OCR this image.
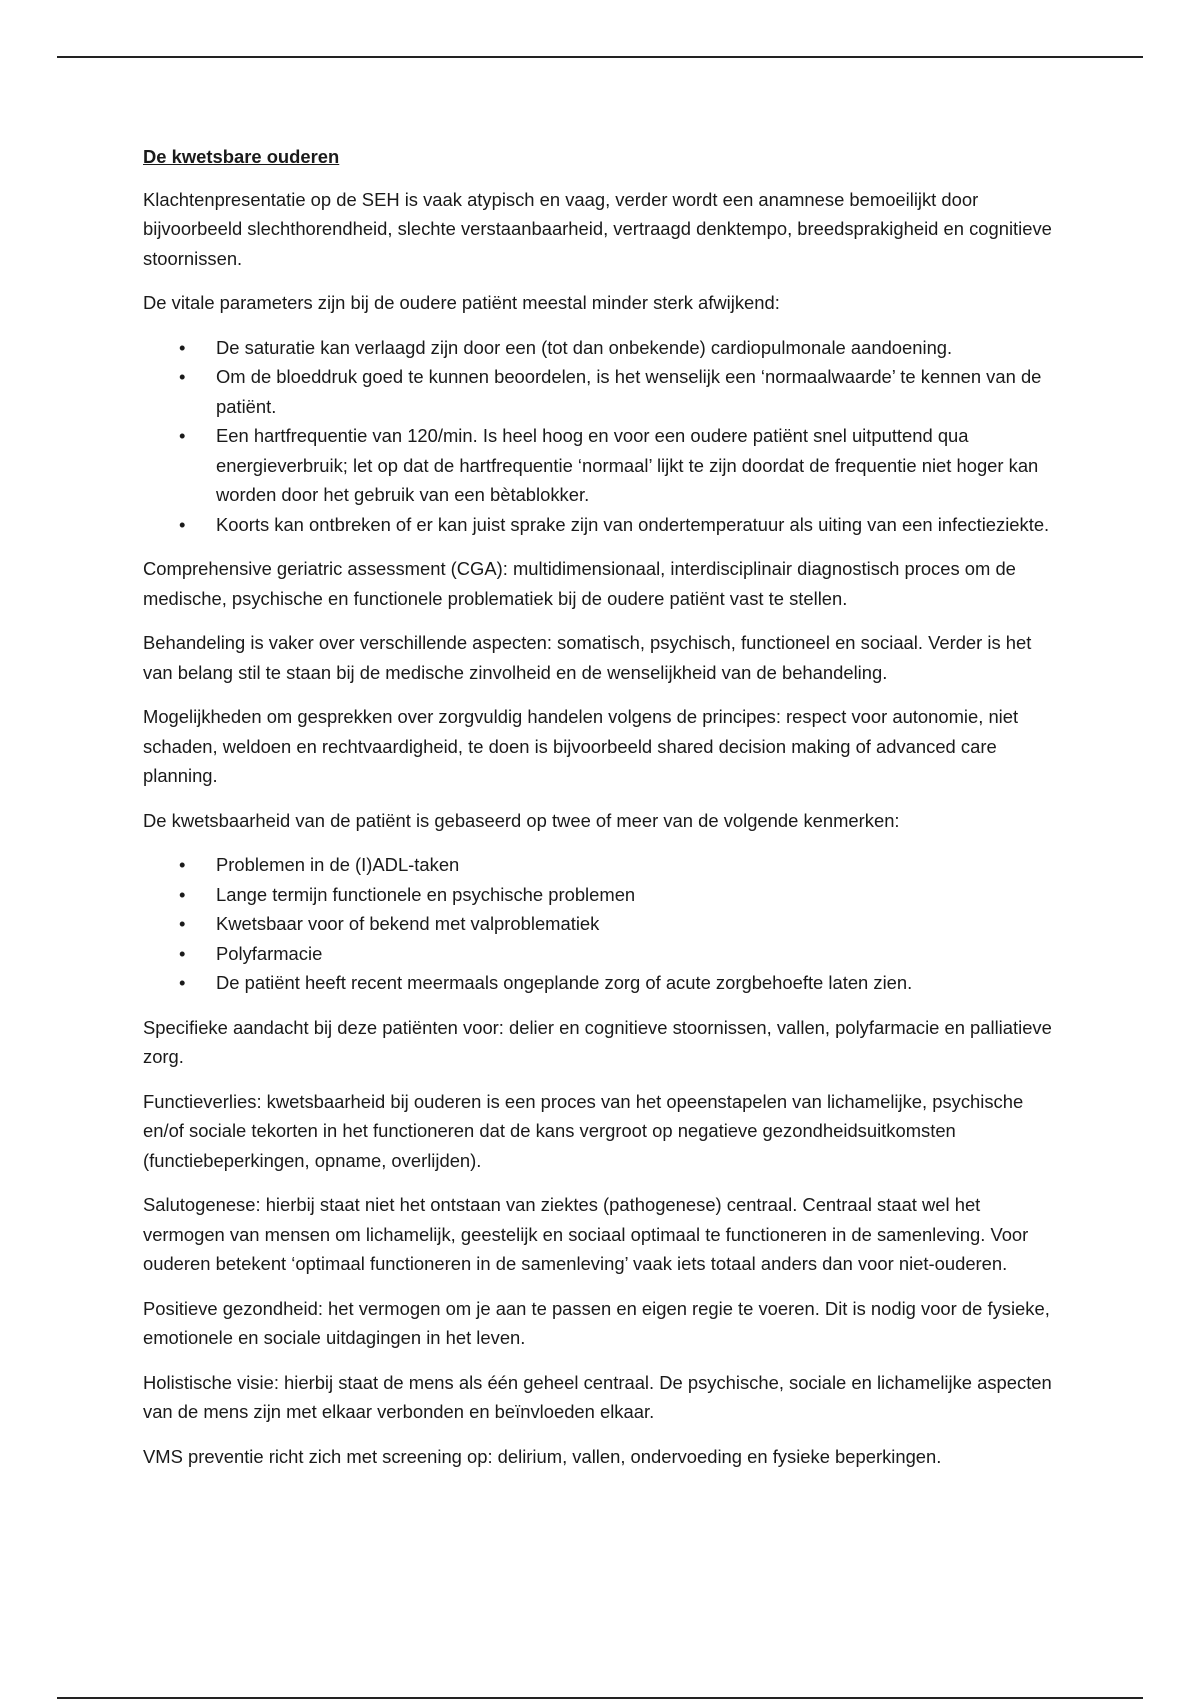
De kwetsbare ouderen

Klachtenpresentatie op de SEH is vaak atypisch en vaag, verder wordt een anamnese bemoeilijkt door bijvoorbeeld slechthorendheid, slechte verstaanbaarheid, vertraagd denktempo, breedsprakigheid en cognitieve stoornissen.

De vitale parameters zijn bij de oudere patiënt meestal minder sterk afwijkend:

• De saturatie kan verlaagd zijn door een (tot dan onbekende) cardiopulmonale aandoening.
• Om de bloeddruk goed te kunnen beoordelen, is het wenselijk een ‘normaalwaarde’ te kennen van de patiënt.
• Een hartfrequentie van 120/min. Is heel hoog en voor een oudere patiënt snel uitputtend qua energieverbruik; let op dat de hartfrequentie ‘normaal’ lijkt te zijn doordat de frequentie niet hoger kan worden door het gebruik van een bètablokker.
• Koorts kan ontbreken of er kan juist sprake zijn van ondertemperatuur als uiting van een infectieziekte.

Comprehensive geriatric assessment (CGA): multidimensionaal, interdisciplinair diagnostisch proces om de medische, psychische en functionele problematiek bij de oudere patiënt vast te stellen.

Behandeling is vaker over verschillende aspecten: somatisch, psychisch, functioneel en sociaal. Verder is het van belang stil te staan bij de medische zinvolheid en de wenselijkheid van de behandeling.

Mogelijkheden om gesprekken over zorgvuldig handelen volgens de principes: respect voor autonomie, niet schaden, weldoen en rechtvaardigheid, te doen is bijvoorbeeld shared decision making of advanced care planning.

De kwetsbaarheid van de patiënt is gebaseerd op twee of meer van de volgende kenmerken:

• Problemen in de (I)ADL-taken
• Lange termijn functionele en psychische problemen
• Kwetsbaar voor of bekend met valproblematiek
• Polyfarmacie
• De patiënt heeft recent meermaals ongeplande zorg of acute zorgbehoefte laten zien.

Specifieke aandacht bij deze patiënten voor: delier en cognitieve stoornissen, vallen, polyfarmacie en palliatieve zorg.

Functieverlies: kwetsbaarheid bij ouderen is een proces van het opeenstapelen van lichamelijke, psychische en/of sociale tekorten in het functioneren dat de kans vergroot op negatieve gezondheidsuitkomsten (functiebeperkingen, opname, overlijden).

Salutogenese: hierbij staat niet het ontstaan van ziektes (pathogenese) centraal. Centraal staat wel het vermogen van mensen om lichamelijk, geestelijk en sociaal optimaal te functioneren in de samenleving. Voor ouderen betekent ‘optimaal functioneren in de samenleving’ vaak iets totaal anders dan voor niet-ouderen.

Positieve gezondheid: het vermogen om je aan te passen en eigen regie te voeren. Dit is nodig voor de fysieke, emotionele en sociale uitdagingen in het leven.

Holistische visie: hierbij staat de mens als één geheel centraal. De psychische, sociale en lichamelijke aspecten van de mens zijn met elkaar verbonden en beïnvloeden elkaar.

VMS preventie richt zich met screening op: delirium, vallen, ondervoeding en fysieke beperkingen.
